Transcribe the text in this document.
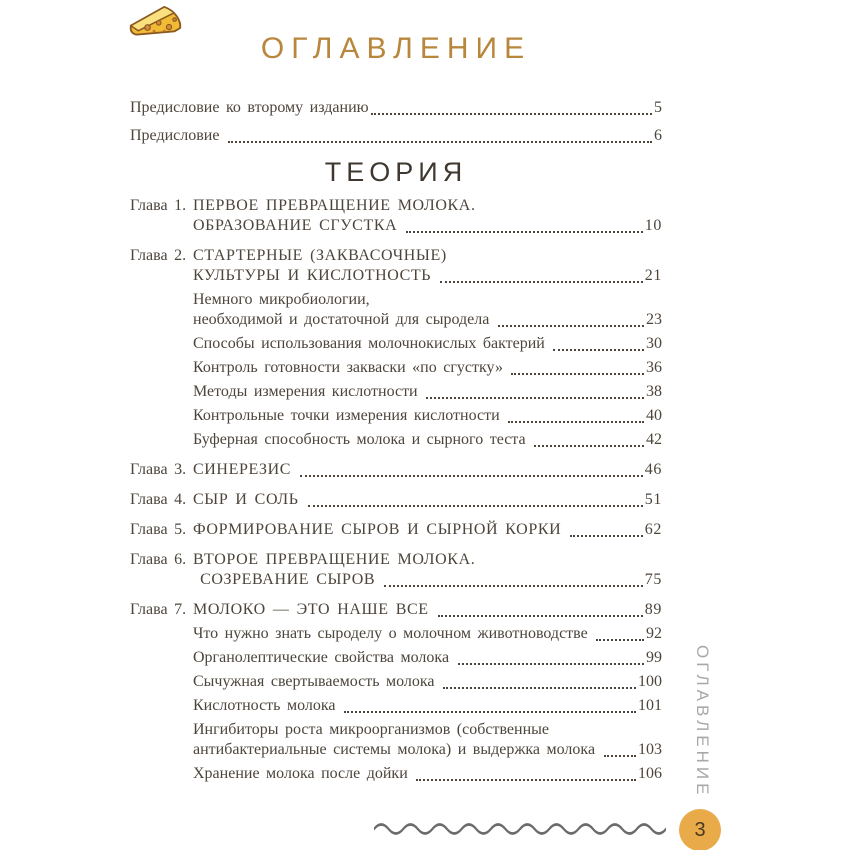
ОГЛАВЛЕНИЕ
Предисловие ко второму изданию	5
Предисловие	6
ТЕОРИЯ
Глава 1. ПЕРВОЕ ПРЕВРАЩЕНИЕ МОЛОКА.
ОБРАЗОВАНИЕ СГУСТКА	10
Глава 2. СТАРТЕРНЫЕ (ЗАКВАСОЧНЫЕ)
КУЛЬТУРЫ И КИСЛОТНОСТЬ	21
Немного микробиологии,
необходимой и достаточной для сыродела	23
Способы использования молочнокислых бактерий	30
Контроль готовности закваски «по сгустку»	36
Методы измерения кислотности	38
Контрольные точки измерения кислотности	40
Буферная способность молока и сырного теста	42
Глава 3. СИНЕРЕЗИС	46
Глава 4. СЫР И СОЛЬ	51
Глава 5. ФОРМИРОВАНИЕ СЫРОВ И СЫРНОЙ КОРКИ	62
Глава 6. ВТОРОЕ ПРЕВРАЩЕНИЕ МОЛОКА.
СОЗРЕВАНИЕ СЫРОВ	75
Глава 7. МОЛОКО — ЭТО НАШЕ ВСЕ	89
Что нужно знать сыроделу о молочном животноводстве	92
Органолептические свойства молока	99
Сычужная свертываемость молока	100
Кислотность молока	101
Ингибиторы роста микроорганизмов (собственные
антибактериальные системы молока) и выдержка молока 103
Хранение молока после дойки	106 ОГЛАВЛЕНИЕ
3
